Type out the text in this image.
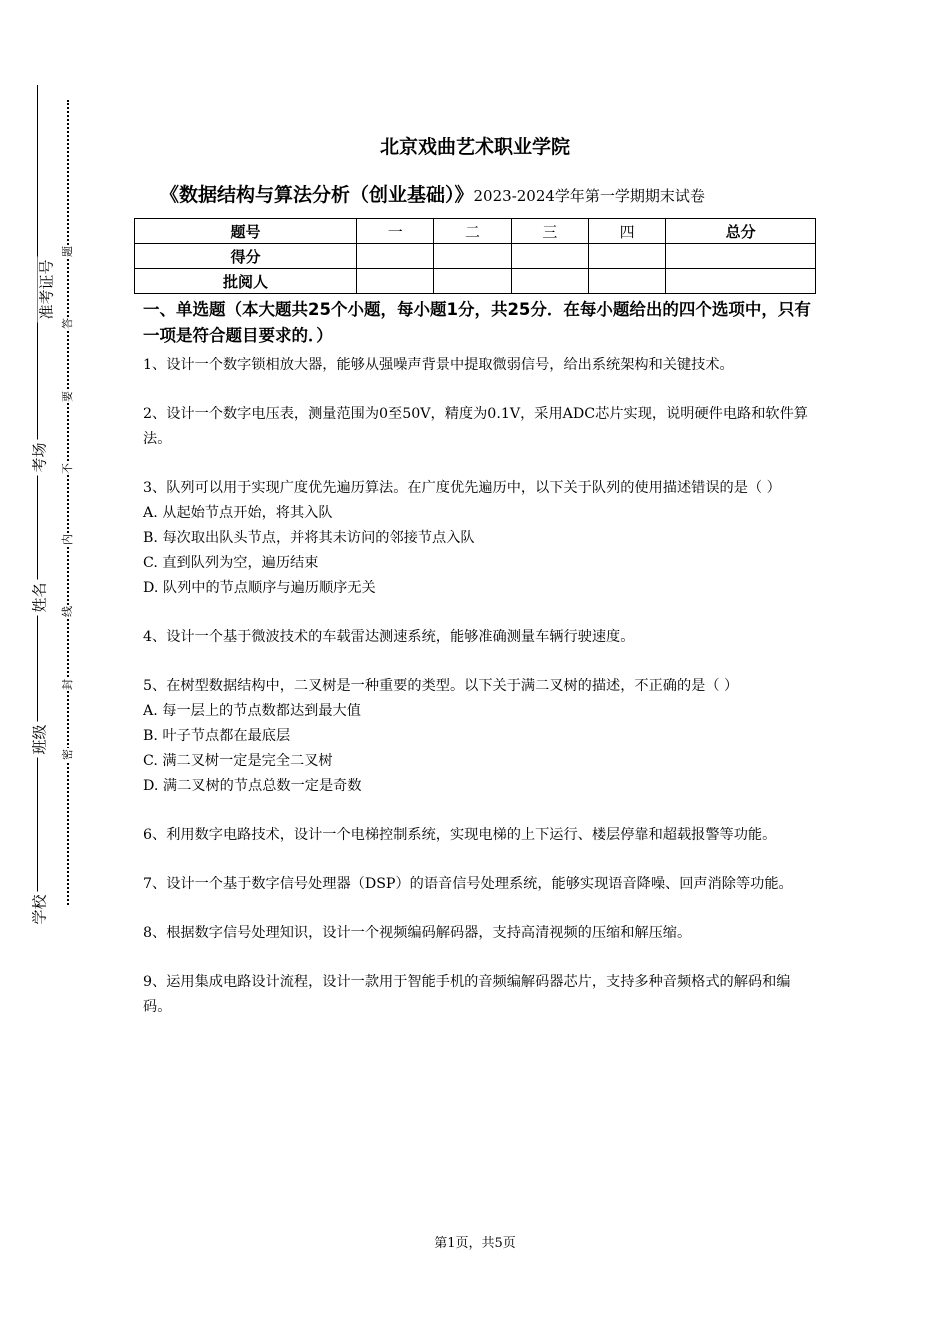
准考证号
考场
姓名
班级
学校
题
答
要
不
内
线
封
密
北京戏曲艺术职业学院
《数据结构与算法分析（创业基础）》2023-2024学年第一学期期末试卷
题号	一	二	三	四	总分
得分					
批阅人					
一、单选题（本大题共25个小题，每小题1分，共25分．在每小题给出的四个选项中，只有一项是符合题目要求的．）
1、设计一个数字锁相放大器，能够从强噪声背景中提取微弱信号，给出系统架构和关键技术。
2、设计一个数字电压表，测量范围为0至50V，精度为0.1V，采用ADC芯片实现，说明硬件电路和软件算法。
3、队列可以用于实现广度优先遍历算法。在广度优先遍历中，以下关于队列的使用描述错误的是（ ）
A. 从起始节点开始，将其入队
B. 每次取出队头节点，并将其未访问的邻接节点入队
C. 直到队列为空，遍历结束
D. 队列中的节点顺序与遍历顺序无关
4、设计一个基于微波技术的车载雷达测速系统，能够准确测量车辆行驶速度。
5、在树型数据结构中，二叉树是一种重要的类型。以下关于满二叉树的描述，不正确的是（ ）
A. 每一层上的节点数都达到最大值
B. 叶子节点都在最底层
C. 满二叉树一定是完全二叉树
D. 满二叉树的节点总数一定是奇数
6、利用数字电路技术，设计一个电梯控制系统，实现电梯的上下运行、楼层停靠和超载报警等功能。
7、设计一个基于数字信号处理器（DSP）的语音信号处理系统，能够实现语音降噪、回声消除等功能。
8、根据数字信号处理知识，设计一个视频编码解码器，支持高清视频的压缩和解压缩。
9、运用集成电路设计流程，设计一款用于智能手机的音频编解码器芯片，支持多种音频格式的解码和编码。
第1页，共5页
